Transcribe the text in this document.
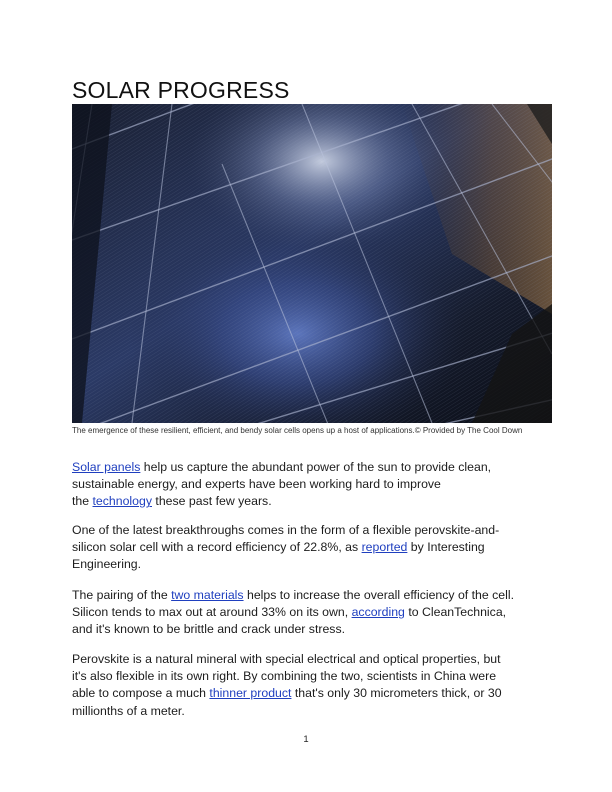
SOLAR PROGRESS
The emergence of these resilient, efficient, and bendy solar cells opens up a host of applications.© Provided by The Cool Down

Solar panels help us capture the abundant power of the sun to provide clean,

sustainable energy, and experts have been working hard to improve

the technology these past few years.

One of the latest breakthroughs comes in the form of a flexible perovskite-and-

silicon solar cell with a record efficiency of 22.8%, as reported by Interesting

Engineering.

The pairing of the two materials helps to increase the overall efficiency of the cell.

Silicon tends to max out at around 33% on its own, according to CleanTechnica,

and it's known to be brittle and crack under stress.

Perovskite is a natural mineral with special electrical and optical properties, but

it's also flexible in its own right. By combining the two, scientists in China were

able to compose a much thinner product that's only 30 micrometers thick, or 30

millionths of a meter.

1
